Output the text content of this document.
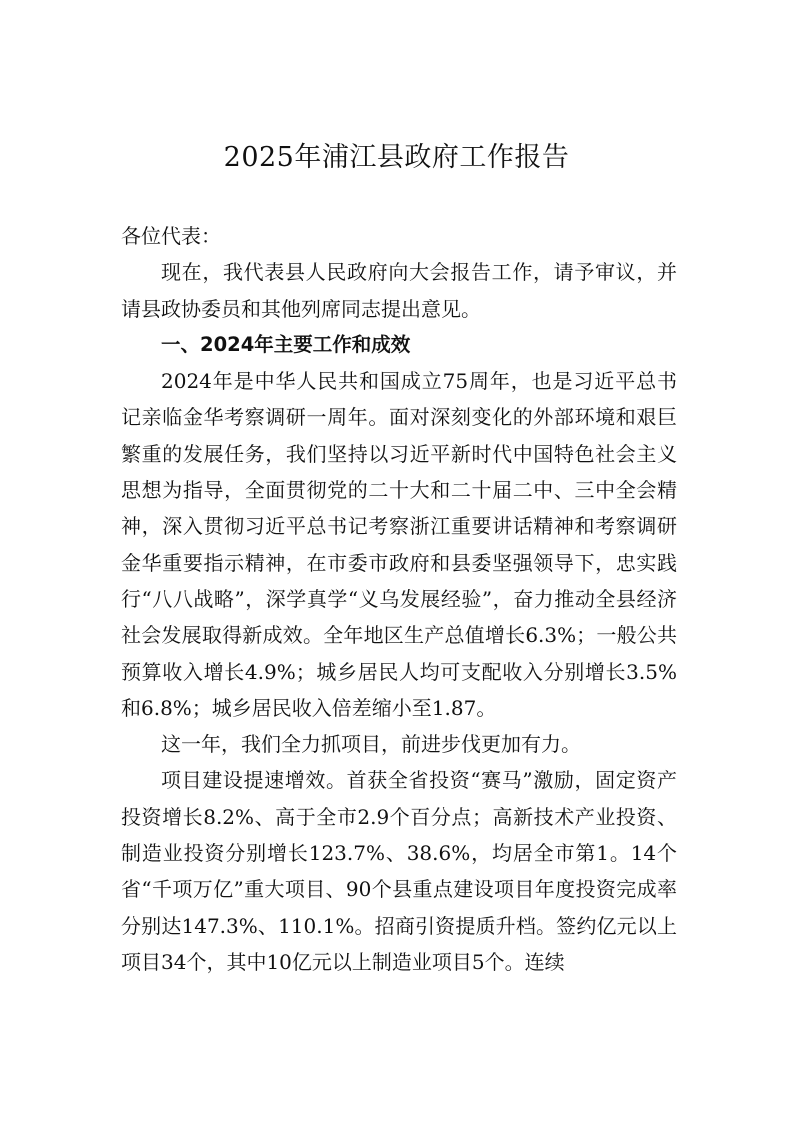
2025年浦江县政府工作报告

各位代表：

现在，我代表县人民政府向大会报告工作，请予审议，并请县政协委员和其他列席同志提出意见。

一、2024年主要工作和成效

2024年是中华人民共和国成立75周年，也是习近平总书记亲临金华考察调研一周年。面对深刻变化的外部环境和艰巨繁重的发展任务，我们坚持以习近平新时代中国特色社会主义思想为指导，全面贯彻党的二十大和二十届二中、三中全会精神，深入贯彻习近平总书记考察浙江重要讲话精神和考察调研金华重要指示精神，在市委市政府和县委坚强领导下，忠实践行“八八战略”，深学真学“义乌发展经验”，奋力推动全县经济社会发展取得新成效。全年地区生产总值增长6.3%；一般公共预算收入增长4.9%；城乡居民人均可支配收入分别增长3.5%和6.8%；城乡居民收入倍差缩小至1.87。

这一年，我们全力抓项目，前进步伐更加有力。

项目建设提速增效。首获全省投资“赛马”激励，固定资产投资增长8.2%、高于全市2.9个百分点；高新技术产业投资、制造业投资分别增长123.7%、38.6%，均居全市第1。14个省“千项万亿”重大项目、90个县重点建设项目年度投资完成率分别达147.3%、110.1%。招商引资提质升档。签约亿元以上项目34个，其中10亿元以上制造业项目5个。连续
